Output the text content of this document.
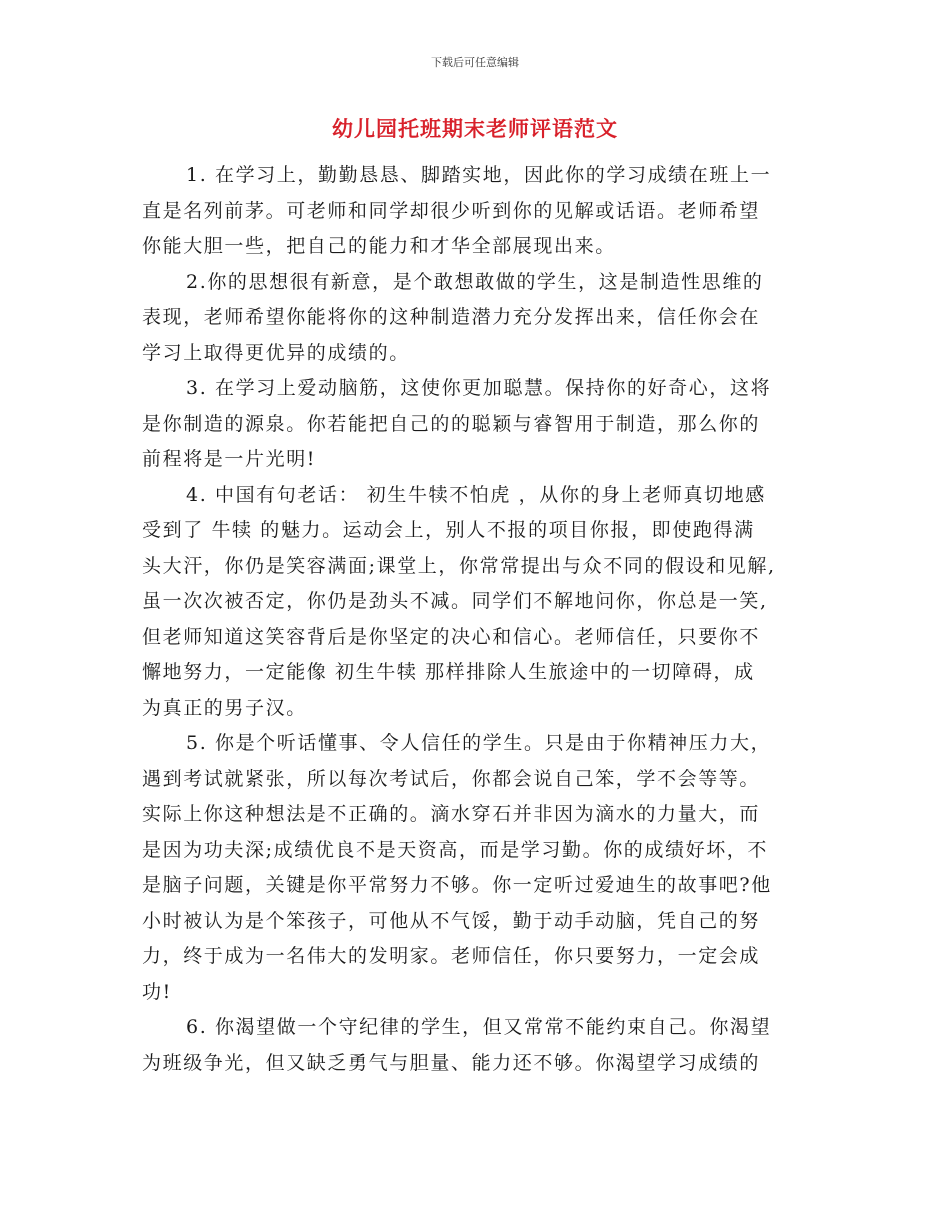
下载后可任意编辑
幼儿园托班期末老师评语范文

1. 在学习上，勤勤恳恳、脚踏实地，因此你的学习成绩在班上一
直是名列前茅。可老师和同学却很少听到你的见解或话语。老师希望
你能大胆一些，把自己的能力和才华全部展现出来。

2.你的思想很有新意，是个敢想敢做的学生，这是制造性思维的
表现，老师希望你能将你的这种制造潜力充分发挥出来，信任你会在
学习上取得更优异的成绩的。

3. 在学习上爱动脑筋，这使你更加聪慧。保持你的好奇心，这将
是你制造的源泉。你若能把自己的的聪颖与睿智用于制造，那么你的
前程将是一片光明!

4. 中国有句老话： 初生牛犊不怕虎 ，从你的身上老师真切地感
受到了 牛犊 的魅力。运动会上，别人不报的项目你报，即使跑得满
头大汗，你仍是笑容满面;课堂上，你常常提出与众不同的假设和见解,
虽一次次被否定，你仍是劲头不减。同学们不解地问你，你总是一笑,
但老师知道这笑容背后是你坚定的决心和信心。老师信任，只要你不
懈地努力，一定能像 初生牛犊 那样排除人生旅途中的一切障碍，成
为真正的男子汉。

5. 你是个听话懂事、令人信任的学生。只是由于你精神压力大，
遇到考试就紧张，所以每次考试后，你都会说自己笨，学不会等等。
实际上你这种想法是不正确的。滴水穿石并非因为滴水的力量大，而
是因为功夫深;成绩优良不是天资高，而是学习勤。你的成绩好坏，不
是脑子问题，关键是你平常努力不够。你一定听过爱迪生的故事吧?他
小时被认为是个笨孩子，可他从不气馁，勤于动手动脑，凭自己的努
力，终于成为一名伟大的发明家。老师信任，你只要努力，一定会成
功!

6. 你渴望做一个守纪律的学生，但又常常不能约束自己。你渴望
为班级争光，但又缺乏勇气与胆量、能力还不够。你渴望学习成绩的
